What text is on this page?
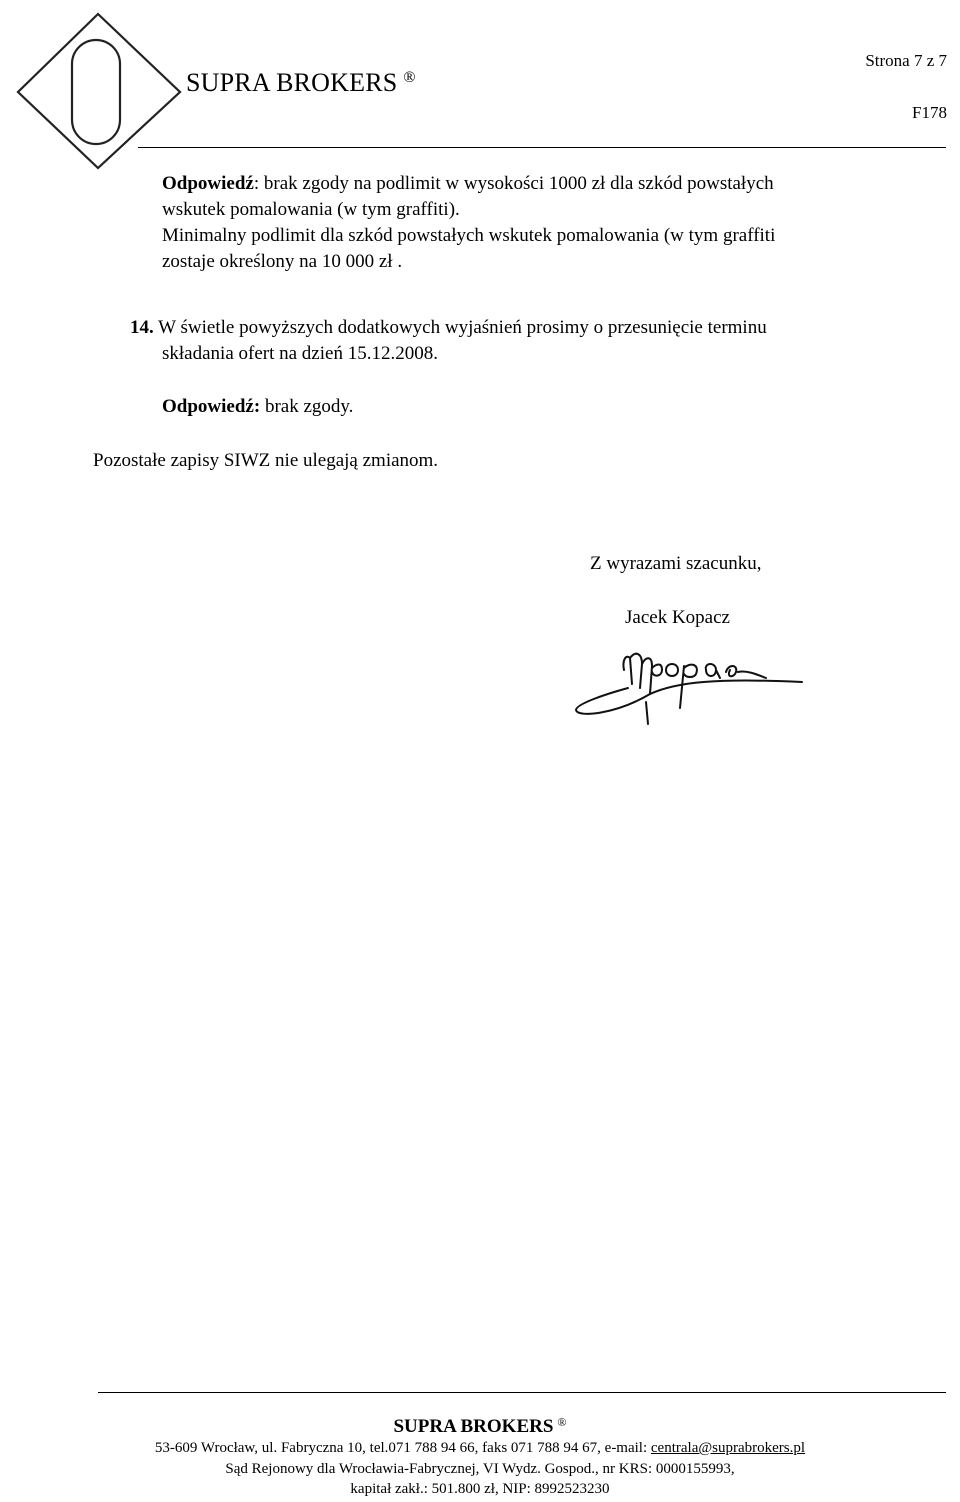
SUPRA BROKERS ®
Strona 7 z 7
F178
Odpowiedź: brak zgody na podlimit w wysokości 1000 zł dla szkód powstałych
wskutek pomalowania (w tym graffiti).
Minimalny podlimit dla szkód powstałych wskutek pomalowania (w tym graffiti
zostaje określony na 10 000 zł .
14. W świetle powyższych dodatkowych wyjaśnień prosimy o przesunięcie terminu
składania ofert na dzień 15.12.2008.
Odpowiedź: brak zgody.
Pozostałe zapisy SIWZ nie ulegają zmianom.
Z wyrazami szacunku,
Jacek Kopacz
SUPRA BROKERS ®
53-609 Wrocław, ul. Fabryczna 10, tel.071 788 94 66, faks 071 788 94 67, e-mail: centrala@suprabrokers.pl
Sąd Rejonowy dla Wrocławia-Fabrycznej, VI Wydz. Gospod., nr KRS: 0000155993,
kapitał zakł.: 501.800 zł, NIP: 8992523230
